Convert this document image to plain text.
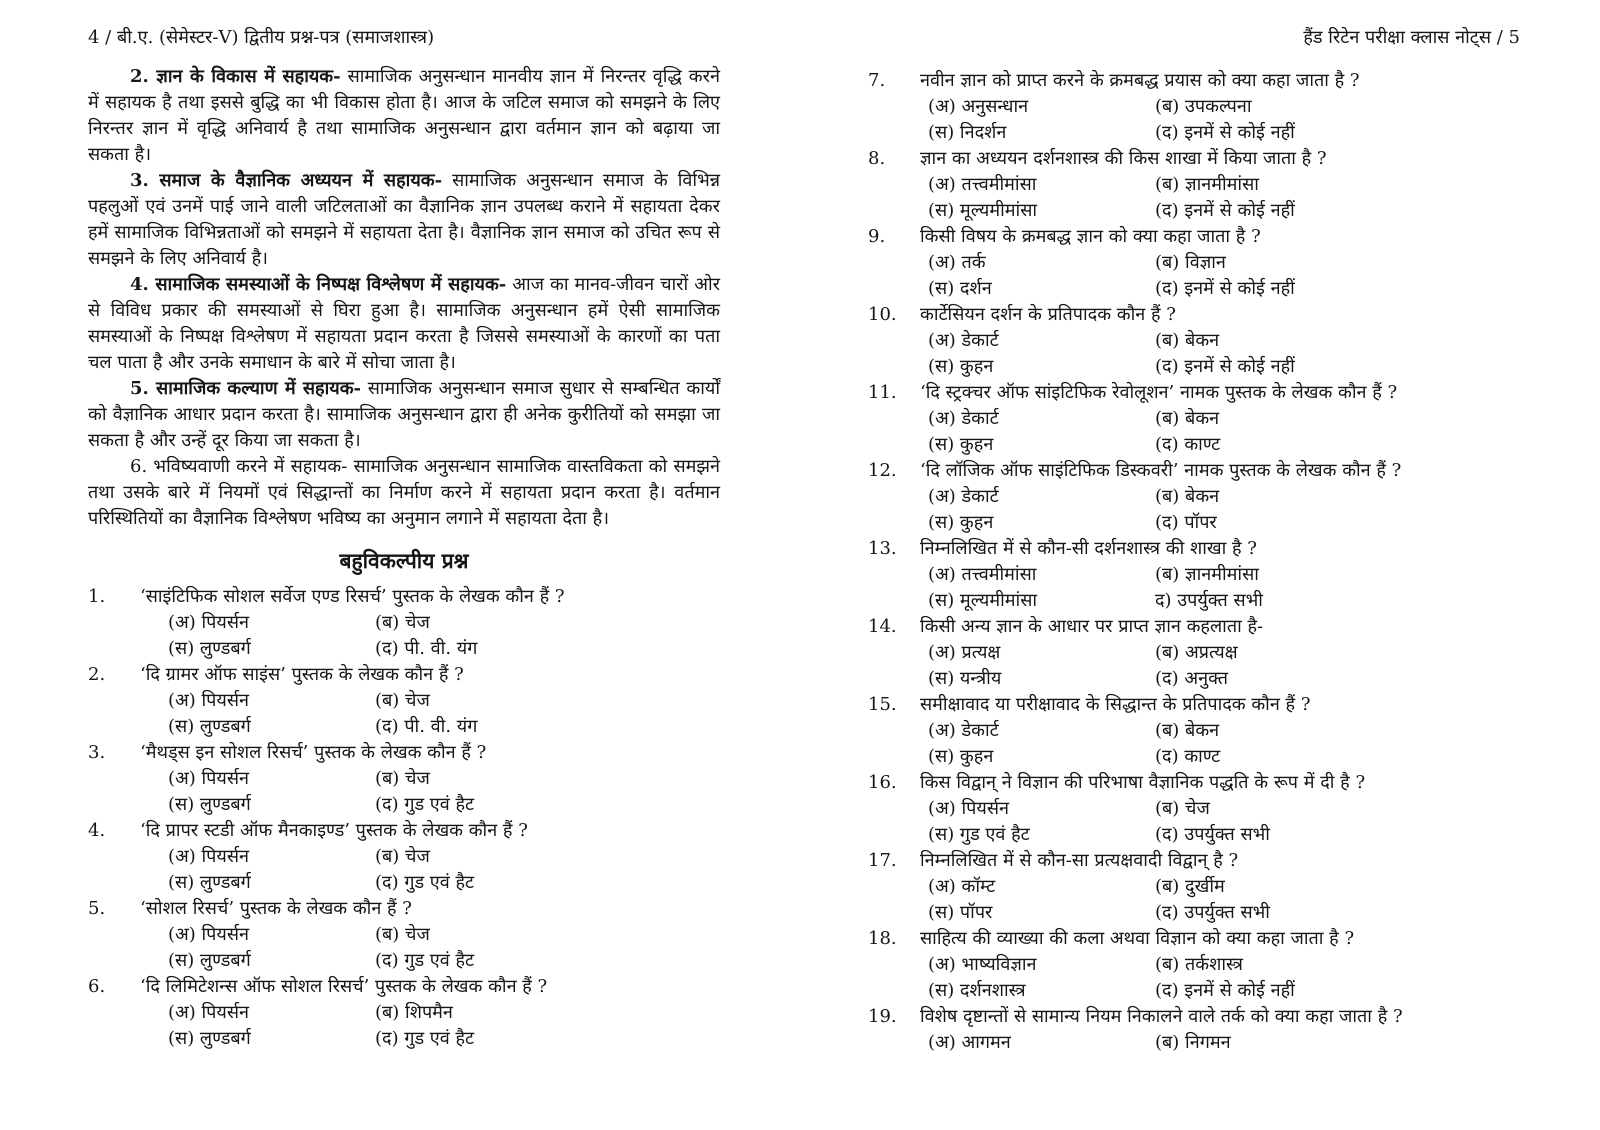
4 / बी.ए. (सेमेस्टर-V) द्वितीय प्रश्न-पत्र (समाजशास्त्र)
2. ज्ञान के विकास में सहायक- सामाजिक अनुसन्धान मानवीय ज्ञान में निरन्तर वृद्धि करने में सहायक है तथा इससे बुद्धि का भी विकास होता है। आज के जटिल समाज को समझने के लिए निरन्तर ज्ञान में वृद्धि अनिवार्य है तथा सामाजिक अनुसन्धान द्वारा वर्तमान ज्ञान को बढ़ाया जा सकता है।
3. समाज के वैज्ञानिक अध्ययन में सहायक- सामाजिक अनुसन्धान समाज के विभिन्न पहलुओं एवं उनमें पाई जाने वाली जटिलताओं का वैज्ञानिक ज्ञान उपलब्ध कराने में सहायता देकर हमें सामाजिक विभिन्नताओं को समझने में सहायता देता है। वैज्ञानिक ज्ञान समाज को उचित रूप से समझने के लिए अनिवार्य है।
4. सामाजिक समस्याओं के निष्पक्ष विश्लेषण में सहायक- आज का मानव-जीवन चारों ओर से विविध प्रकार की समस्याओं से घिरा हुआ है। सामाजिक अनुसन्धान हमें ऐसी सामाजिक समस्याओं के निष्पक्ष विश्लेषण में सहायता प्रदान करता है जिससे समस्याओं के कारणों का पता चल पाता है और उनके समाधान के बारे में सोचा जाता है।
5. सामाजिक कल्याण में सहायक- सामाजिक अनुसन्धान समाज सुधार से सम्बन्धित कार्यों को वैज्ञानिक आधार प्रदान करता है। सामाजिक अनुसन्धान द्वारा ही अनेक कुरीतियों को समझा जा सकता है और उन्हें दूर किया जा सकता है।
6. भविष्यवाणी करने में सहायक- सामाजिक अनुसन्धान सामाजिक वास्तविकता को समझने तथा उसके बारे में नियमों एवं सिद्धान्तों का निर्माण करने में सहायता प्रदान करता है। वर्तमान परिस्थितियों का वैज्ञानिक विश्लेषण भविष्य का अनुमान लगाने में सहायता देता है।
बहुविकल्पीय प्रश्न
1.	‘साइंटिफिक सोशल सर्वेज एण्ड रिसर्च’ पुस्तक के लेखक कौन हैं ?
(अ) पियर्सन	(ब) चेज
(स) लुण्डबर्ग	(द) पी. वी. यंग
2.	‘दि ग्रामर ऑफ साइंस’ पुस्तक के लेखक कौन हैं ?
(अ) पियर्सन	(ब) चेज
(स) लुण्डबर्ग	(द) पी. वी. यंग
3.	‘मैथड्स इन सोशल रिसर्च’ पुस्तक के लेखक कौन हैं ?
(अ) पियर्सन	(ब) चेज
(स) लुण्डबर्ग	(द) गुड एवं हैट
4.	‘दि प्रापर स्टडी ऑफ मैनकाइण्ड’ पुस्तक के लेखक कौन हैं ?
(अ) पियर्सन	(ब) चेज
(स) लुण्डबर्ग	(द) गुड एवं हैट
5.	‘सोशल रिसर्च’ पुस्तक के लेखक कौन हैं ?
(अ) पियर्सन	(ब) चेज
(स) लुण्डबर्ग	(द) गुड एवं हैट
6.	‘दि लिमिटेशन्स ऑफ सोशल रिसर्च’ पुस्तक के लेखक कौन हैं ?
(अ) पियर्सन	(ब) शिपमैन
(स) लुण्डबर्ग	(द) गुड एवं हैट
हैंड रिटेन परीक्षा क्लास नोट्स / 5
7.	नवीन ज्ञान को प्राप्त करने के क्रमबद्ध प्रयास को क्या कहा जाता है ?
(अ) अनुसन्धान	(ब) उपकल्पना
(स) निदर्शन	(द) इनमें से कोई नहीं
8.	ज्ञान का अध्ययन दर्शनशास्त्र की किस शाखा में किया जाता है ?
(अ) तत्त्वमीमांसा	(ब) ज्ञानमीमांसा
(स) मूल्यमीमांसा	(द) इनमें से कोई नहीं
9.	किसी विषय के क्रमबद्ध ज्ञान को क्या कहा जाता है ?
(अ) तर्क	(ब) विज्ञान
(स) दर्शन	(द) इनमें से कोई नहीं
10.	कार्टेसियन दर्शन के प्रतिपादक कौन हैं ?
(अ) डेकार्ट	(ब) बेकन
(स) कुहन	(द) इनमें से कोई नहीं
11.	‘दि स्ट्रक्चर ऑफ सांइटिफिक रेवोलूशन’ नामक पुस्तक के लेखक कौन हैं ?
(अ) डेकार्ट	(ब) बेकन
(स) कुहन	(द) काण्ट
12.	‘दि लॉजिक ऑफ साइंटिफिक डिस्कवरी’ नामक पुस्तक के लेखक कौन हैं ?
(अ) डेकार्ट	(ब) बेकन
(स) कुहन	(द) पॉपर
13.	निम्नलिखित में से कौन-सी दर्शनशास्त्र की शाखा है ?
(अ) तत्त्वमीमांसा	(ब) ज्ञानमीमांसा
(स) मूल्यमीमांसा	द) उपर्युक्त सभी
14.	किसी अन्य ज्ञान के आधार पर प्राप्त ज्ञान कहलाता है-
(अ) प्रत्यक्ष	(ब) अप्रत्यक्ष
(स) यन्त्रीय	(द) अनुक्त
15.	समीक्षावाद या परीक्षावाद के सिद्धान्त के प्रतिपादक कौन हैं ?
(अ) डेकार्ट	(ब) बेकन
(स) कुहन	(द) काण्ट
16.	किस विद्वान् ने विज्ञान की परिभाषा वैज्ञानिक पद्धति के रूप में दी है ?
(अ) पियर्सन	(ब) चेज
(स) गुड एवं हैट	(द) उपर्युक्त सभी
17.	निम्नलिखित में से कौन-सा प्रत्यक्षवादी विद्वान् है ?
(अ) कॉम्ट	(ब) दुर्खीम
(स) पॉपर	(द) उपर्युक्त सभी
18.	साहित्य की व्याख्या की कला अथवा विज्ञान को क्या कहा जाता है ?
(अ) भाष्यविज्ञान	(ब) तर्कशास्त्र
(स) दर्शनशास्त्र	(द) इनमें से कोई नहीं
19.	विशेष दृष्टान्तों से सामान्य नियम निकालने वाले तर्क को क्या कहा जाता है ?
(अ) आगमन	(ब) निगमन
